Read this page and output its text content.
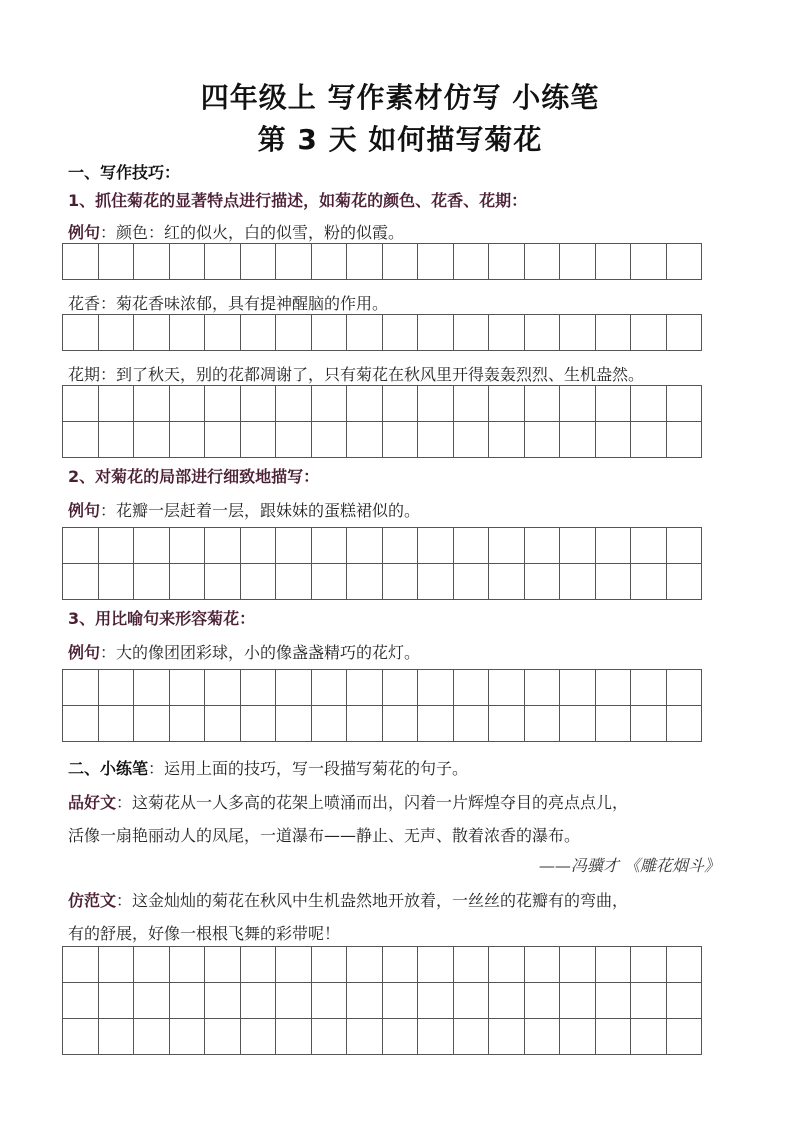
四年级上 写作素材仿写 小练笔
第 3 天 如何描写菊花
一、写作技巧：
1、抓住菊花的显著特点进行描述，如菊花的颜色、花香、花期：
例句：颜色：红的似火，白的似雪，粉的似霞。

花香：菊花香味浓郁，具有提神醒脑的作用。

花期：到了秋天，别的花都凋谢了，只有菊花在秋风里开得轰轰烈烈、生机盎然。

2、对菊花的局部进行细致地描写：
例句：花瓣一层赶着一层，跟妹妹的蛋糕裙似的。

3、用比喻句来形容菊花：
例句：大的像团团彩球，小的像盏盏精巧的花灯。

二、小练笔：运用上面的技巧，写一段描写菊花的句子。
品好文：这菊花从一人多高的花架上喷涌而出，闪着一片辉煌夺目的亮点点儿，
活像一扇艳丽动人的凤尾，一道瀑布——静止、无声、散着浓香的瀑布。
——冯骥才 《雕花烟斗》
仿范文：这金灿灿的菊花在秋风中生机盎然地开放着，一丝丝的花瓣有的弯曲，
有的舒展，好像一根根飞舞的彩带呢！
